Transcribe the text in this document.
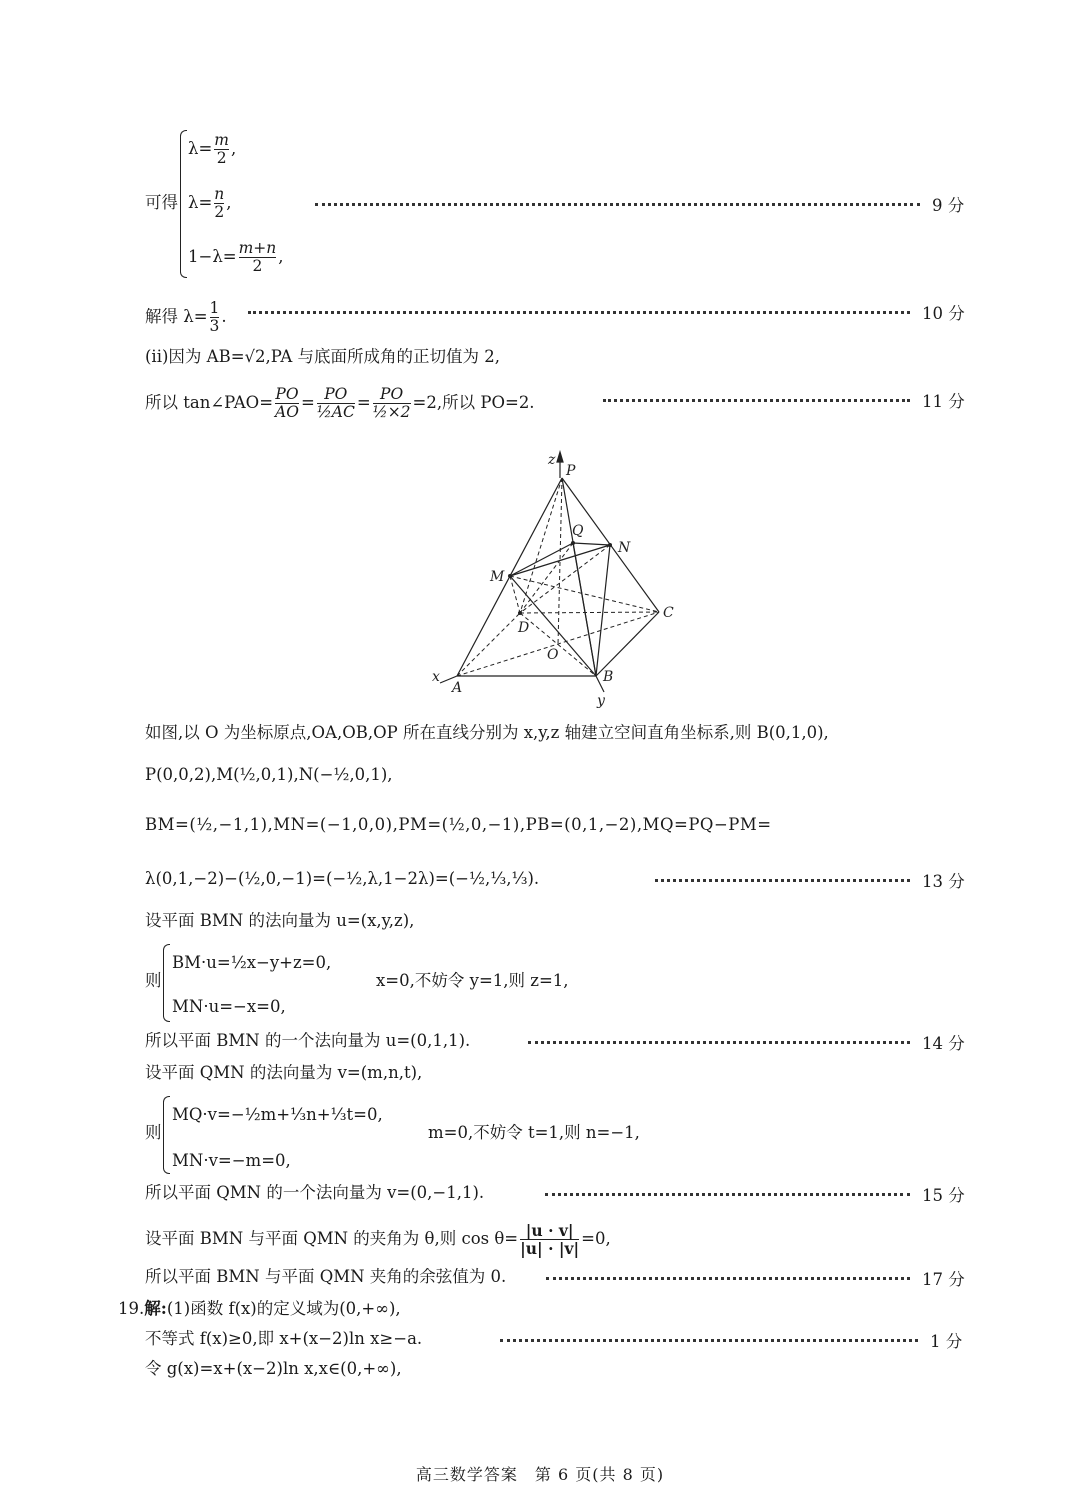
可得
$\lambda= \frac{m}{2}$ ,
$\lambda= \frac{n}{2}$ ,
$1-\lambda= \frac{m+n}{2}$ ,
9 分
解得 $\lambda= \frac{1}{3}$ .	10 分
(ii)因为 AB=√2,PA 与底面所成角的正切值为 2,
所以 tan∠PAO= $\frac{PO}{AO} = \frac{PO}{\text{½AC}} = \frac{PO}{\text{½×2}} =2$,所以 PO=2.	11 分
z
P
Q
N
M
C
D
O
x
A
B
y
如图,以 O 为坐标原点,OA,OB,OP 所在直线分别为 x,y,z 轴建立空间直角坐标系,则 B(0,1,0),
P(0,0,2),M(½,0,1),N(−½,0,1),
BM=(½,−1,1),MN=(−1,0,0),PM=(½,0,−1),PB=(0,1,−2),MQ=PQ−PM=
λ(0,1,−2)−(½,0,−1)=(−½,λ,1−2λ)=(−½,⅓,⅓).	13 分
设平面 BMN 的法向量为 u=(x,y,z),
则
BM·u=½x−y+z=0,
MN·u=−x=0,
x=0,不妨令 y=1,则 z=1,
所以平面 BMN 的一个法向量为 u=(0,1,1).	14 分
设平面 QMN 的法向量为 v=(m,n,t),
则
MQ·v=−½m+⅓n+⅓t=0,
MN·v=−m=0,
m=0,不妨令 t=1,则 n=−1,
所以平面 QMN 的一个法向量为 v=(0,−1,1).	15 分
设平面 BMN 与平面 QMN 的夹角为 θ,则 $\cos \theta= \frac{|u \cdot v|}{|u| \cdot |v|} =0$,
所以平面 BMN 与平面 QMN 夹角的余弦值为 0.	17 分
19.解:(1)函数 f(x)的定义域为(0,+∞),
不等式 f(x)≥0,即 x+(x−2)ln x≥−a.	1 分
令 g(x)=x+(x−2)ln x,x∈(0,+∞),
高三数学答案　第 6 页(共 8 页)
